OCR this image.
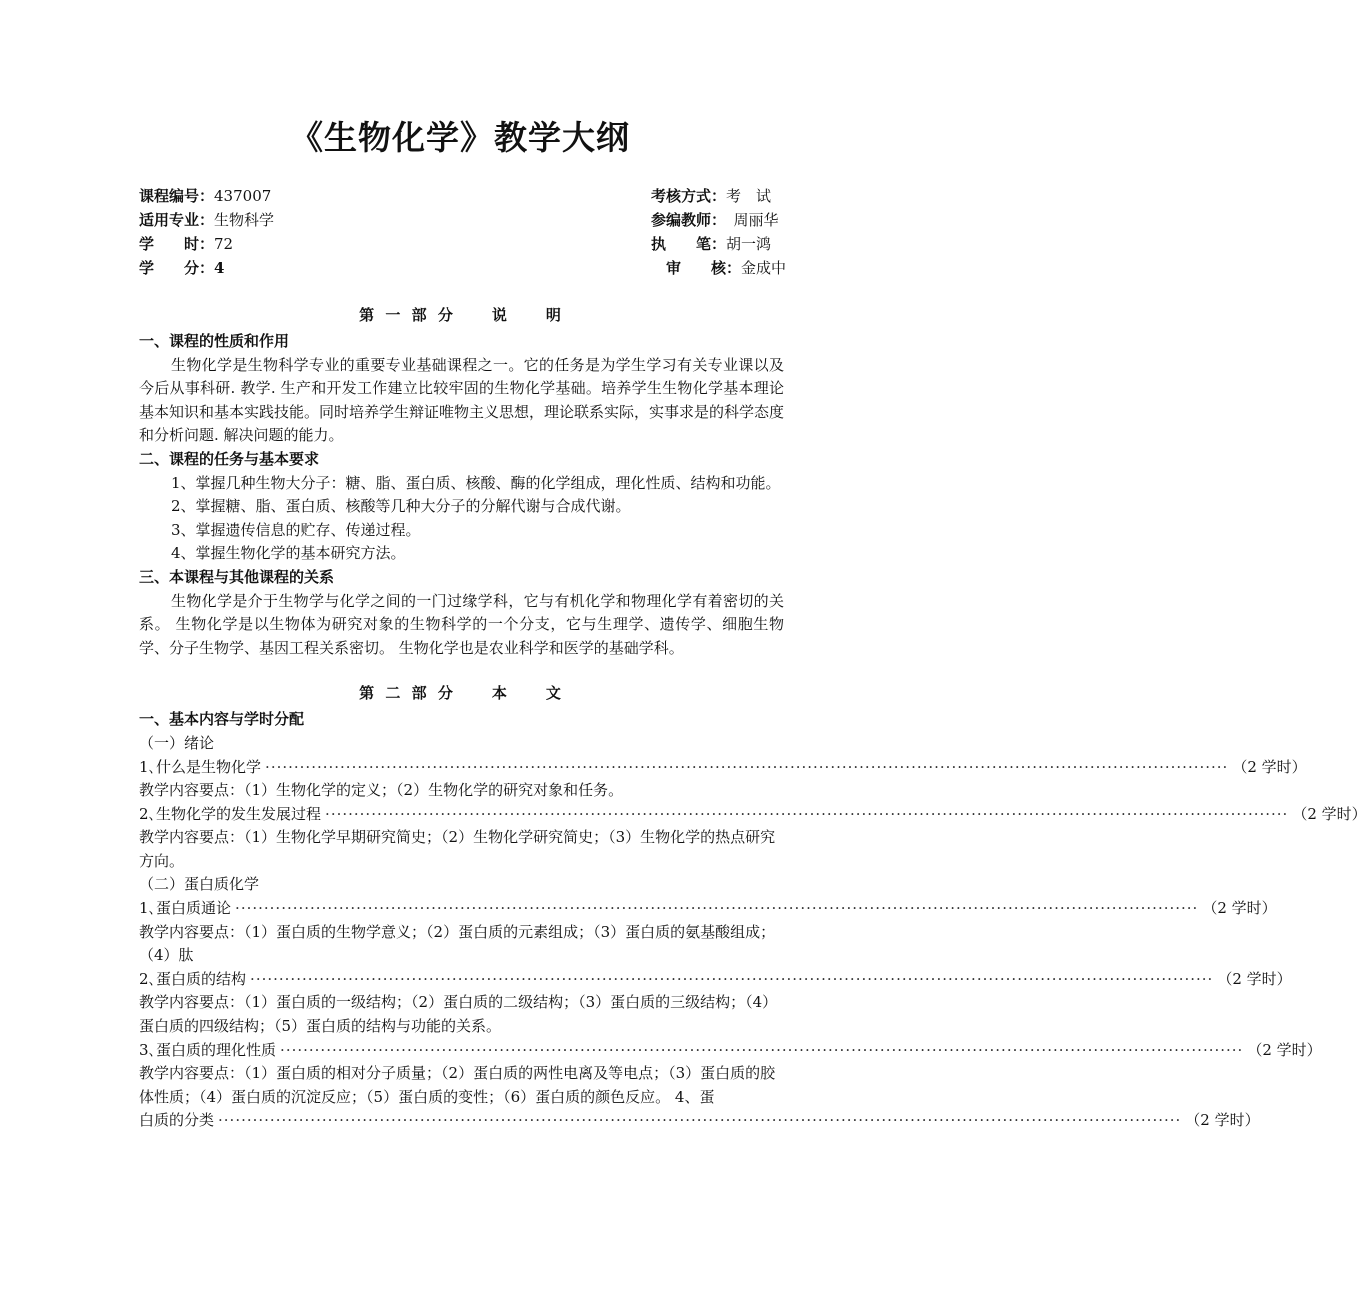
《生物化学》教学大纲
课程编号：437007
适用专业：生物科学
学　　时：72
学　　分：4
考核方式：考　试
参编教师：　周丽华
执　　笔：胡一鸿
　审　　核：金成中
第 一 部 分　　说　　明
一、课程的性质和作用
生物化学是生物科学专业的重要专业基础课程之一。它的任务是为学生学习有关专业课以及今后从事科研. 教学. 生产和开发工作建立比较牢固的生物化学基础。培养学生生物化学基本理论基本知识和基本实践技能。同时培养学生辩证唯物主义思想，理论联系实际，实事求是的科学态度和分析问题. 解决问题的能力。
二、课程的任务与基本要求
1、掌握几种生物大分子：糖、脂、蛋白质、核酸、酶的化学组成，理化性质、结构和功能。
2、掌握糖、脂、蛋白质、核酸等几种大分子的分解代谢与合成代谢。
3、掌握遗传信息的贮存、传递过程。
4、掌握生物化学的基本研究方法。
三、本课程与其他课程的关系
生物化学是介于生物学与化学之间的一门过缘学科，它与有机化学和物理化学有着密切的关系。 生物化学是以生物体为研究对象的生物科学的一个分支，它与生理学、遗传学、细胞生物学、分子生物学、基因工程关系密切。 生物化学也是农业科学和医学的基础学科。
第 二 部 分　　本　　文
一、基本内容与学时分配
（一）绪论
1､什么是生物化学 ······································································································································································· （2 学时）
教学内容要点：（1）生物化学的定义；（2）生物化学的研究对象和任务。
2､生物化学的发生发展过程 ······································································································································································· （2 学时）
教学内容要点：（1）生物化学早期研究简史；（2）生物化学研究简史；（3）生物化学的热点研究方向。
（二）蛋白质化学
1､蛋白质通论 ······································································································································································· （2 学时）
教学内容要点：（1）蛋白质的生物学意义；（2）蛋白质的元素组成；（3）蛋白质的氨基酸组成；（4）肽
2､蛋白质的结构 ······································································································································································· （2 学时）
教学内容要点：（1）蛋白质的一级结构；（2）蛋白质的二级结构；（3）蛋白质的三级结构；（4）蛋白质的四级结构；（5）蛋白质的结构与功能的关系。
3､蛋白质的理化性质 ······································································································································································· （2 学时）
教学内容要点：（1）蛋白质的相对分子质量；（2）蛋白质的两性电离及等电点；（3）蛋白质的胶体性质；（4）蛋白质的沉淀反应；（5）蛋白质的变性；（6）蛋白质的颜色反应。 4、蛋
白质的分类 ······································································································································································· （2 学时）
